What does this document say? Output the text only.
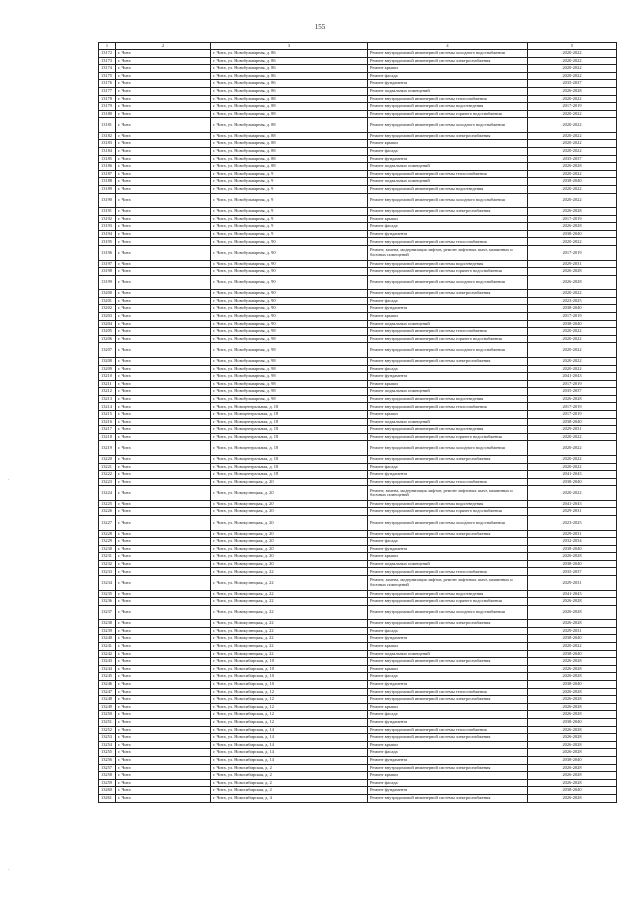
155
1	2	3	4	5
13172	г. Чита	г. Чита, ул. Новобульварная, д. 86	Ремонт внутридомовой инженерной системы холодного водоснабжения	2020-2022
13173	г. Чита	г. Чита, ул. Новобульварная, д. 86	Ремонт внутридомовой инженерной системы электроснабжения	2020-2022
13174	г. Чита	г. Чита, ул. Новобульварная, д. 86	Ремонт крыши	2020-2022
13175	г. Чита	г. Чита, ул. Новобульварная, д. 86	Ремонт фасада	2020-2022
13176	г. Чита	г. Чита, ул. Новобульварная, д. 86	Ремонт фундамента	2035-2037
13177	г. Чита	г. Чита, ул. Новобульварная, д. 86	Ремонт подвальных помещений	2026-2028
13178	г. Чита	г. Чита, ул. Новобульварная, д. 88	Ремонт внутридомовой инженерной системы теплоснабжения	2020-2022
13179	г. Чита	г. Чита, ул. Новобульварная, д. 88	Ремонт внутридомовой инженерной системы водоотведения	2017-2019
13180	г. Чита	г. Чита, ул. Новобульварная, д. 88	Ремонт внутридомовой инженерной системы горячего водоснабжения	2020-2022
13181	г. Чита	г. Чита, ул. Новобульварная, д. 88	Ремонт внутридомовой инженерной системы холодного водоснабжения	2020-2022
13182	г. Чита	г. Чита, ул. Новобульварная, д. 88	Ремонт внутридомовой инженерной системы электроснабжения	2020-2022
13183	г. Чита	г. Чита, ул. Новобульварная, д. 88	Ремонт крыши	2020-2022
13184	г. Чита	г. Чита, ул. Новобульварная, д. 88	Ремонт фасада	2020-2022
13185	г. Чита	г. Чита, ул. Новобульварная, д. 88	Ремонт фундамента	2035-2037
13186	г. Чита	г. Чита, ул. Новобульварная, д. 88	Ремонт подвальных помещений	2026-2028
13187	г. Чита	г. Чита, ул. Новобульварная, д. 9	Ремонт внутридомовой инженерной системы теплоснабжения	2020-2022
13188	г. Чита	г. Чита, ул. Новобульварная, д. 9	Ремонт подвальных помещений	2038-2040
13189	г. Чита	г. Чита, ул. Новобульварная, д. 9	Ремонт внутридомовой инженерной системы водоотведения	2020-2022
13190	г. Чита	г. Чита, ул. Новобульварная, д. 9	Ремонт внутридомовой инженерной системы холодного водоснабжения	2020-2022
13191	г. Чита	г. Чита, ул. Новобульварная, д. 9	Ремонт внутридомовой инженерной системы электроснабжения	2026-2028
13192	г. Чита	г. Чита, ул. Новобульварная, д. 9	Ремонт крыши	2017-2019
13193	г. Чита	г. Чита, ул. Новобульварная, д. 9	Ремонт фасада	2026-2028
13194	г. Чита	г. Чита, ул. Новобульварная, д. 9	Ремонт фундамента	2038-2040
13195	г. Чита	г. Чита, ул. Новобульварная, д. 90	Ремонт внутридомовой инженерной системы теплоснабжения	2020-2022
13196	г. Чита	г. Чита, ул. Новобульварная, д. 90	Ремонт, замена, модернизация лифтов, ремонт лифтовых шахт, машинных и блочных помещений	2017-2019
13197	г. Чита	г. Чита, ул. Новобульварная, д. 90	Ремонт внутридомовой инженерной системы водоотведения	2029-2031
13198	г. Чита	г. Чита, ул. Новобульварная, д. 90	Ремонт внутридомовой инженерной системы горячего водоснабжения	2026-2028
13199	г. Чита	г. Чита, ул. Новобульварная, д. 90	Ремонт внутридомовой инженерной системы холодного водоснабжения	2026-2028
13200	г. Чита	г. Чита, ул. Новобульварная, д. 90	Ремонт внутридомовой инженерной системы электроснабжения	2020-2022
13201	г. Чита	г. Чита, ул. Новобульварная, д. 90	Ремонт фасада	2023-2025
13202	г. Чита	г. Чита, ул. Новобульварная, д. 90	Ремонт фундамента	2038-2040
13203	г. Чита	г. Чита, ул. Новобульварная, д. 90	Ремонт крыши	2017-2019
13204	г. Чита	г. Чита, ул. Новобульварная, д. 90	Ремонт подвальных помещений	2038-2040
13205	г. Чита	г. Чита, ул. Новобульварная, д. 98	Ремонт внутридомовой инженерной системы теплоснабжения	2020-2022
13206	г. Чита	г. Чита, ул. Новобульварная, д. 98	Ремонт внутридомовой инженерной системы горячего водоснабжения	2020-2022
13207	г. Чита	г. Чита, ул. Новобульварная, д. 98	Ремонт внутридомовой инженерной системы холодного водоснабжения	2020-2022
13208	г. Чита	г. Чита, ул. Новобульварная, д. 98	Ремонт внутридомовой инженерной системы электроснабжения	2020-2022
13209	г. Чита	г. Чита, ул. Новобульварная, д. 98	Ремонт фасада	2020-2022
13210	г. Чита	г. Чита, ул. Новобульварная, д. 98	Ремонт фундамента	2041-2043
13211	г. Чита	г. Чита, ул. Новобульварная, д. 98	Ремонт крыши	2017-2019
13212	г. Чита	г. Чита, ул. Новобульварная, д. 98	Ремонт подвальных помещений	2035-2037
13213	г. Чита	г. Чита, ул. Новобульварная, д. 98	Ремонт внутридомовой инженерной системы водоотведения	2026-2028
13214	г. Чита	г. Чита, ул. Новоцентральная, д. 18	Ремонт внутридомовой инженерной системы теплоснабжения	2017-2019
13215	г. Чита	г. Чита, ул. Новоцентральная, д. 18	Ремонт крыши	2017-2019
13216	г. Чита	г. Чита, ул. Новоцентральная, д. 18	Ремонт подвальных помещений	2038-2040
13217	г. Чита	г. Чита, ул. Новоцентральная, д. 18	Ремонт внутридомовой инженерной системы водоотведения	2029-2031
13218	г. Чита	г. Чита, ул. Новоцентральная, д. 18	Ремонт внутридомовой инженерной системы горячего водоснабжения	2020-2022
13219	г. Чита	г. Чита, ул. Новоцентральная, д. 18	Ремонт внутридомовой инженерной системы холодного водоснабжения	2020-2022
13220	г. Чита	г. Чита, ул. Новоцентральная, д. 18	Ремонт внутридомовой инженерной системы электроснабжения	2020-2022
13221	г. Чита	г. Чита, ул. Новоцентральная, д. 18	Ремонт фасада	2020-2022
13222	г. Чита	г. Чита, ул. Новоцентральная, д. 18	Ремонт фундамента	2041-2043
13223	г. Чита	г. Чита, ул. Новокузнецкая, д. 20	Ремонт внутридомовой инженерной системы теплоснабжения	2038-2040
13224	г. Чита	г. Чита, ул. Новокузнецкая, д. 20	Ремонт, замена, модернизация лифтов, ремонт лифтовых шахт, машинных и блочных помещений	2020-2022
13225	г. Чита	г. Чита, ул. Новокузнецкая, д. 20	Ремонт внутридомовой инженерной системы водоотведения	2041-2043
13226	г. Чита	г. Чита, ул. Новокузнецкая, д. 20	Ремонт внутридомовой инженерной системы горячего водоснабжения	2029-2031
13227	г. Чита	г. Чита, ул. Новокузнецкая, д. 20	Ремонт внутридомовой инженерной системы холодного водоснабжения	2023-2025
13228	г. Чита	г. Чита, ул. Новокузнецкая, д. 20	Ремонт внутридомовой инженерной системы электроснабжения	2029-2031
13229	г. Чита	г. Чита, ул. Новокузнецкая, д. 20	Ремонт фасада	2032-2034
13230	г. Чита	г. Чита, ул. Новокузнецкая, д. 20	Ремонт фундамента	2038-2040
13231	г. Чита	г. Чита, ул. Новокузнецкая, д. 20	Ремонт крыши	2026-2028
13232	г. Чита	г. Чита, ул. Новокузнецкая, д. 20	Ремонт подвальных помещений	2038-2040
13233	г. Чита	г. Чита, ул. Новокузнецкая, д. 22	Ремонт внутридомовой инженерной системы теплоснабжения	2035-2037
13234	г. Чита	г. Чита, ул. Новокузнецкая, д. 22	Ремонт, замена, модернизация лифтов, ремонт лифтовых шахт, машинных и блочных помещений	2029-2031
13235	г. Чита	г. Чита, ул. Новокузнецкая, д. 22	Ремонт внутридомовой инженерной системы водоотведения	2041-2043
13236	г. Чита	г. Чита, ул. Новокузнецкая, д. 22	Ремонт внутридомовой инженерной системы горячего водоснабжения	2026-2028
13237	г. Чита	г. Чита, ул. Новокузнецкая, д. 22	Ремонт внутридомовой инженерной системы холодного водоснабжения	2026-2028
13238	г. Чита	г. Чита, ул. Новокузнецкая, д. 22	Ремонт внутридомовой инженерной системы электроснабжения	2026-2028
13239	г. Чита	г. Чита, ул. Новокузнецкая, д. 22	Ремонт фасада	2029-2031
13240	г. Чита	г. Чита, ул. Новокузнецкая, д. 22	Ремонт фундамента	2038-2040
13241	г. Чита	г. Чита, ул. Новокузнецкая, д. 22	Ремонт крыши	2020-2022
13242	г. Чита	г. Чита, ул. Новокузнецкая, д. 22	Ремонт подвальных помещений	2038-2040
13243	г. Чита	г. Чита, ул. Новосибирская, д. 10	Ремонт внутридомовой инженерной системы электроснабжения	2026-2028
13244	г. Чита	г. Чита, ул. Новосибирская, д. 10	Ремонт крыши	2026-2028
13245	г. Чита	г. Чита, ул. Новосибирская, д. 10	Ремонт фасада	2026-2028
13246	г. Чита	г. Чита, ул. Новосибирская, д. 10	Ремонт фундамента	2038-2040
13247	г. Чита	г. Чита, ул. Новосибирская, д. 12	Ремонт внутридомовой инженерной системы теплоснабжения	2026-2028
13248	г. Чита	г. Чита, ул. Новосибирская, д. 12	Ремонт внутридомовой инженерной системы электроснабжения	2026-2028
13249	г. Чита	г. Чита, ул. Новосибирская, д. 12	Ремонт крыши	2026-2028
13250	г. Чита	г. Чита, ул. Новосибирская, д. 12	Ремонт фасада	2026-2028
13251	г. Чита	г. Чита, ул. Новосибирская, д. 12	Ремонт фундамента	2038-2040
13252	г. Чита	г. Чита, ул. Новосибирская, д. 14	Ремонт внутридомовой инженерной системы теплоснабжения	2026-2028
13253	г. Чита	г. Чита, ул. Новосибирская, д. 14	Ремонт внутридомовой инженерной системы электроснабжения	2026-2028
13254	г. Чита	г. Чита, ул. Новосибирская, д. 14	Ремонт крыши	2026-2028
13255	г. Чита	г. Чита, ул. Новосибирская, д. 14	Ремонт фасада	2026-2028
13256	г. Чита	г. Чита, ул. Новосибирская, д. 14	Ремонт фундамента	2038-2040
13257	г. Чита	г. Чита, ул. Новосибирская, д. 2	Ремонт внутридомовой инженерной системы электроснабжения	2026-2028
13258	г. Чита	г. Чита, ул. Новосибирская, д. 2	Ремонт крыши	2026-2028
13259	г. Чита	г. Чита, ул. Новосибирская, д. 2	Ремонт фасада	2026-2028
13260	г. Чита	г. Чита, ул. Новосибирская, д. 2	Ремонт фундамента	2038-2040
13261	г. Чита	г. Чита, ул. Новосибирская, д. 4	Ремонт внутридомовой инженерной системы электроснабжения	2026-2028
·
·
